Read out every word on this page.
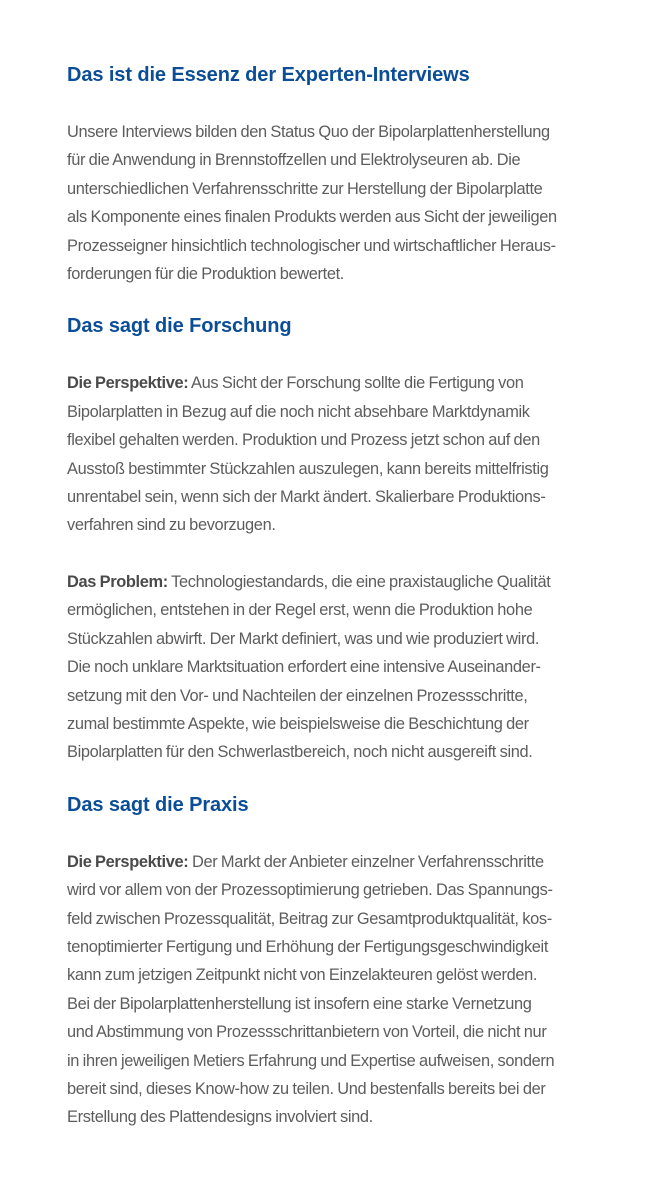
Das ist die Essenz der Experten-Interviews

Unsere Interviews bilden den Status Quo der Bipolarplattenherstellung
für die Anwendung in Brennstoffzellen und Elektrolyseuren ab. Die
unterschiedlichen Verfahrensschritte zur Herstellung der Bipolarplatte
als Komponente eines finalen Produkts werden aus Sicht der jeweiligen
Prozesseigner hinsichtlich technologischer und wirtschaftlicher Heraus-
forderungen für die Produktion bewertet.

Das sagt die Forschung

Die Perspektive: Aus Sicht der Forschung sollte die Fertigung von
Bipolarplatten in Bezug auf die noch nicht absehbare Marktdynamik
flexibel gehalten werden. Produktion und Prozess jetzt schon auf den
Ausstoß bestimmter Stückzahlen auszulegen, kann bereits mittelfristig
unrentabel sein, wenn sich der Markt ändert. Skalierbare Produktions-
verfahren sind zu bevorzugen.

Das Problem: Technologiestandards, die eine praxistaugliche Qualität
ermöglichen, entstehen in der Regel erst, wenn die Produktion hohe
Stückzahlen abwirft. Der Markt definiert, was und wie produziert wird.
Die noch unklare Marktsituation erfordert eine intensive Auseinander-
setzung mit den Vor- und Nachteilen der einzelnen Prozessschritte,
zumal bestimmte Aspekte, wie beispielsweise die Beschichtung der
Bipolarplatten für den Schwerlastbereich, noch nicht ausgereift sind.

Das sagt die Praxis

Die Perspektive: Der Markt der Anbieter einzelner Verfahrensschritte
wird vor allem von der Prozessoptimierung getrieben. Das Spannungs-
feld zwischen Prozessqualität, Beitrag zur Gesamtproduktqualität, kos-
tenoptimierter Fertigung und Erhöhung der Fertigungsgeschwindigkeit
kann zum jetzigen Zeitpunkt nicht von Einzelakteuren gelöst werden.
Bei der Bipolarplattenherstellung ist insofern eine starke Vernetzung
und Abstimmung von Prozessschrittanbietern von Vorteil, die nicht nur
in ihren jeweiligen Metiers Erfahrung und Expertise aufweisen, sondern
bereit sind, dieses Know-how zu teilen. Und bestenfalls bereits bei der
Erstellung des Plattendesigns involviert sind.
